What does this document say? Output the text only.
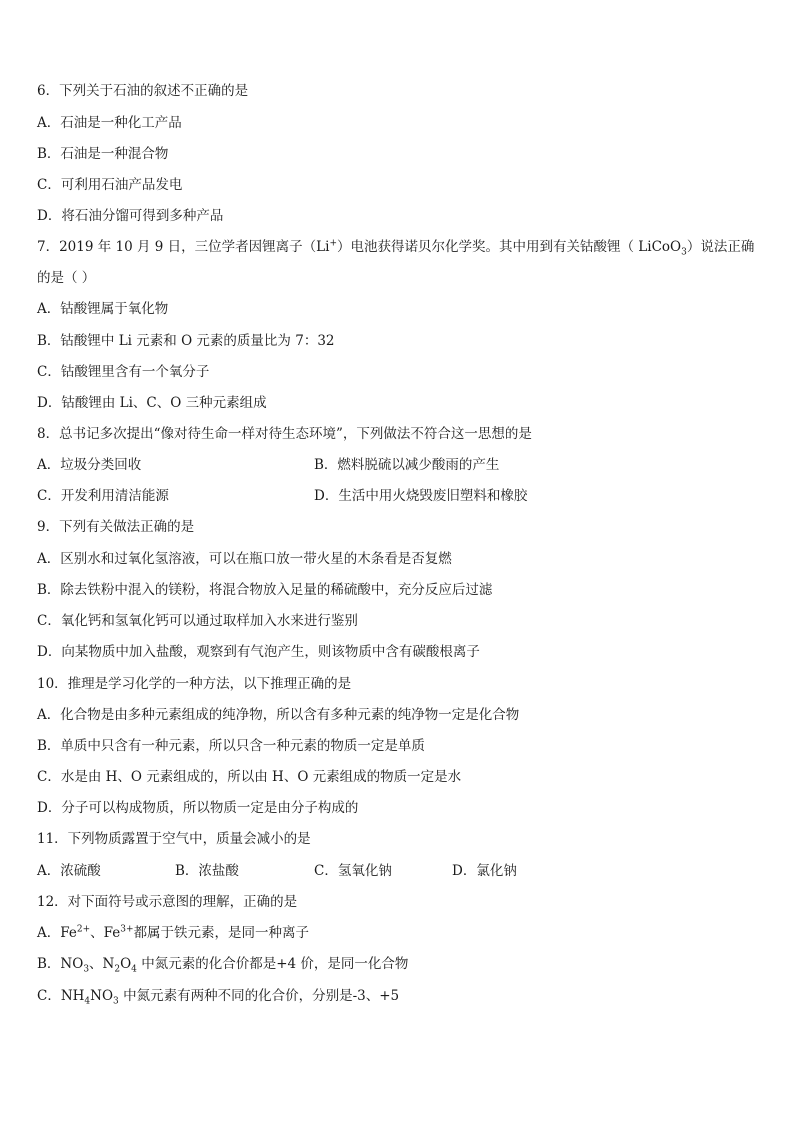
6．下列关于石油的叙述不正确的是
A．石油是一种化工产品
B．石油是一种混合物
C．可利用石油产品发电
D．将石油分馏可得到多种产品
7．2019 年 10 月 9 日，三位学者因锂离子（Li+）电池获得诺贝尔化学奖。其中用到有关钴酸锂（ LiCoO$_3$）说法正确
的是（ ）
A．钴酸锂属于氧化物
B．钴酸锂中 Li 元素和 O 元素的质量比为 7：32
C．钴酸锂里含有一个氧分子
D．钴酸锂由 Li、C、O 三种元素组成
8．总书记多次提出“像对待生命一样对待生态环境”，下列做法不符合这一思想的是
A．垃圾分类回收	B．燃料脱硫以减少酸雨的产生
C．开发利用清洁能源	D．生活中用火烧毁废旧塑料和橡胶
9．下列有关做法正确的是
A．区别水和过氧化氢溶液，可以在瓶口放一带火星的木条看是否复燃
B．除去铁粉中混入的镁粉，将混合物放入足量的稀硫酸中，充分反应后过滤
C．氧化钙和氢氧化钙可以通过取样加入水来进行鉴别
D．向某物质中加入盐酸，观察到有气泡产生，则该物质中含有碳酸根离子
10．推理是学习化学的一种方法，以下推理正确的是
A．化合物是由多种元素组成的纯净物，所以含有多种元素的纯净物一定是化合物
B．单质中只含有一种元素，所以只含一种元素的物质一定是单质
C．水是由 H、O 元素组成的，所以由 H、O 元素组成的物质一定是水
D．分子可以构成物质，所以物质一定是由分子构成的
11．下列物质露置于空气中，质量会减小的是
A．浓硫酸	B．浓盐酸	C．氢氧化钠	D．氯化钠
12．对下面符号或示意图的理解，正确的是
A．$Fe^{2+}$、$Fe^{3+}$都属于铁元素，是同一种离子
B．$NO_3$、$N_2O_4$ 中氮元素的化合价都是+4 价，是同一化合物
C．$NH_4NO_3$ 中氮元素有两种不同的化合价，分别是-3、+5
